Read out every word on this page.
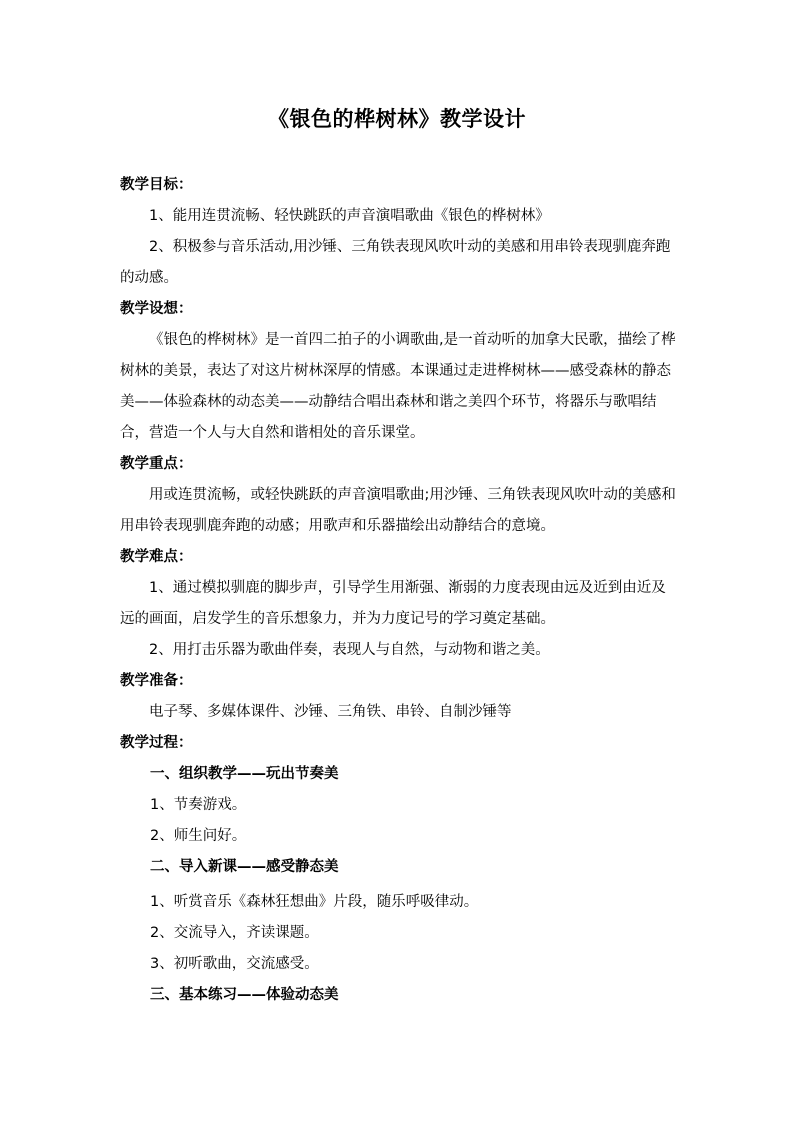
《银色的桦树林》教学设计

教学目标：

1、能用连贯流畅、轻快跳跃的声音演唱歌曲《银色的桦树林》

2、积极参与音乐活动,用沙锤、三角铁表现风吹叶动的美感和用串铃表现驯鹿奔跑的动感。

教学设想：

《银色的桦树林》是一首四二拍子的小调歌曲,是一首动听的加拿大民歌，描绘了桦树林的美景，表达了对这片树林深厚的情感。本课通过走进桦树林——感受森林的静态美——体验森林的动态美——动静结合唱出森林和谐之美四个环节，将器乐与歌唱结合，营造一个人与大自然和谐相处的音乐课堂。

教学重点：

用或连贯流畅，或轻快跳跃的声音演唱歌曲;用沙锤、三角铁表现风吹叶动的美感和用串铃表现驯鹿奔跑的动感；用歌声和乐器描绘出动静结合的意境。

教学难点：

1、通过模拟驯鹿的脚步声，引导学生用渐强、渐弱的力度表现由远及近到由近及远的画面，启发学生的音乐想象力，并为力度记号的学习奠定基础。

2、用打击乐器为歌曲伴奏，表现人与自然，与动物和谐之美。

教学准备：

电子琴、多媒体课件、沙锤、三角铁、串铃、自制沙锤等

教学过程：

一、组织教学——玩出节奏美

1、节奏游戏。

2、师生问好。

二、导入新课——感受静态美

1、听赏音乐《森林狂想曲》片段，随乐呼吸律动。

2、交流导入，齐读课题。

3、初听歌曲，交流感受。

三、基本练习——体验动态美
